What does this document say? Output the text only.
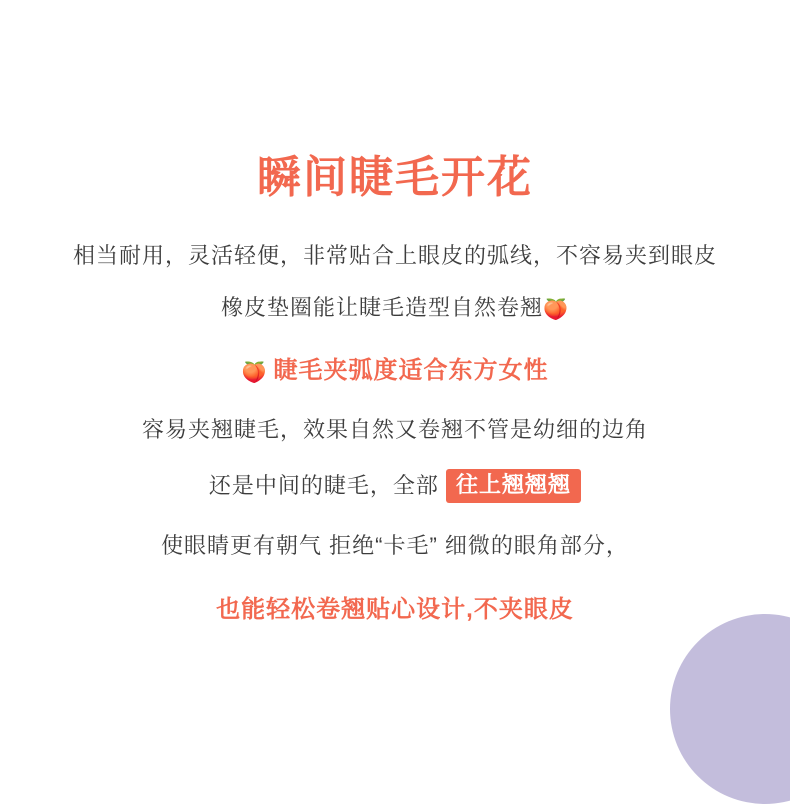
瞬间睫毛开花

相当耐用，灵活轻便，非常贴合上眼皮的弧线，不容易夹到眼皮

橡皮垫圈能让睫毛造型自然卷翘🍑

🍑 睫毛夹弧度适合东方女性

容易夹翘睫毛，效果自然又卷翘不管是幼细的边角

还是中间的睫毛，全部 往上翘翘翘

使眼睛更有朝气 拒绝“卡毛” 细微的眼角部分，

也能轻松卷翘贴心设计,不夹眼皮
